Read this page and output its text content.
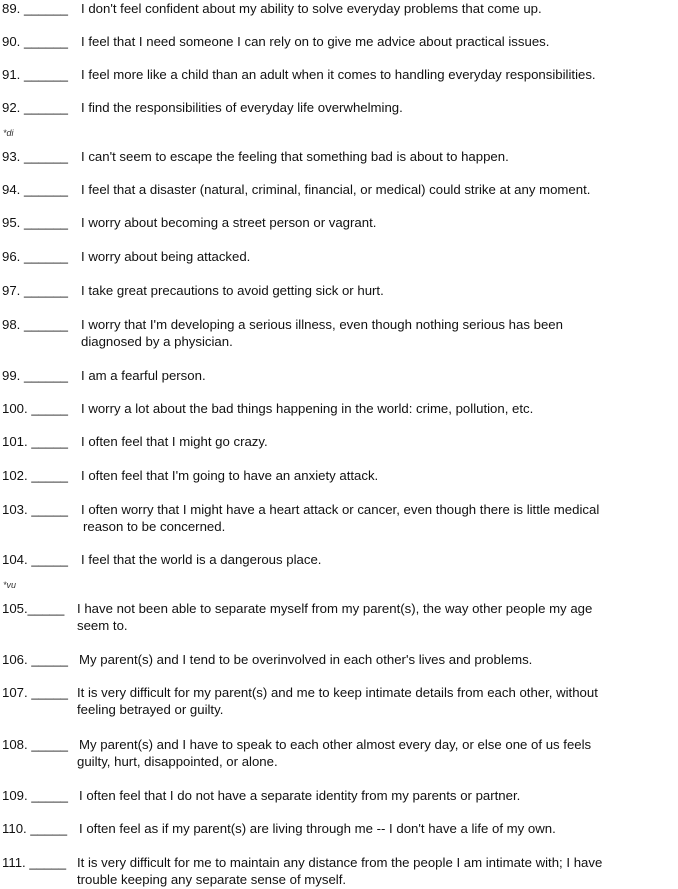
89. ______ I don't feel confident about my ability to solve everyday problems that come up.
90. ______ I feel that I need someone I can rely on to give me advice about practical issues.
91. ______ I feel more like a child than an adult when it comes to handling everyday responsibilities.
92. ______ I find the responsibilities of everyday life overwhelming.
*di
93. ______ I can't seem to escape the feeling that something bad is about to happen.
94. ______ I feel that a disaster (natural, criminal, financial, or medical) could strike at any moment.
95. ______ I worry about becoming a street person or vagrant.
96. ______ I worry about being attacked.
97. ______ I take great precautions to avoid getting sick or hurt.
98. ______ I worry that I'm developing a serious illness, even though nothing serious has been
diagnosed by a physician.
99. ______ I am a fearful person.
100. _____ I worry a lot about the bad things happening in the world: crime, pollution, etc.
101. _____ I often feel that I might go crazy.
102. _____ I often feel that I'm going to have an anxiety attack.
103. _____ I often worry that I might have a heart attack or cancer, even though there is little medical
reason to be concerned.
104. _____ I feel that the world is a dangerous place.
*vu
105._____ I have not been able to separate myself from my parent(s), the way other people my age
seem to.
106. _____ My parent(s) and I tend to be overinvolved in each other's lives and problems.
107. _____ It is very difficult for my parent(s) and me to keep intimate details from each other, without
feeling betrayed or guilty.
108. _____ My parent(s) and I have to speak to each other almost every day, or else one of us feels
guilty, hurt, disappointed, or alone.
109. _____ I often feel that I do not have a separate identity from my parents or partner.
110. _____ I often feel as if my parent(s) are living through me -- I don't have a life of my own.
111. _____ It is very difficult for me to maintain any distance from the people I am intimate with; I have
trouble keeping any separate sense of myself.
